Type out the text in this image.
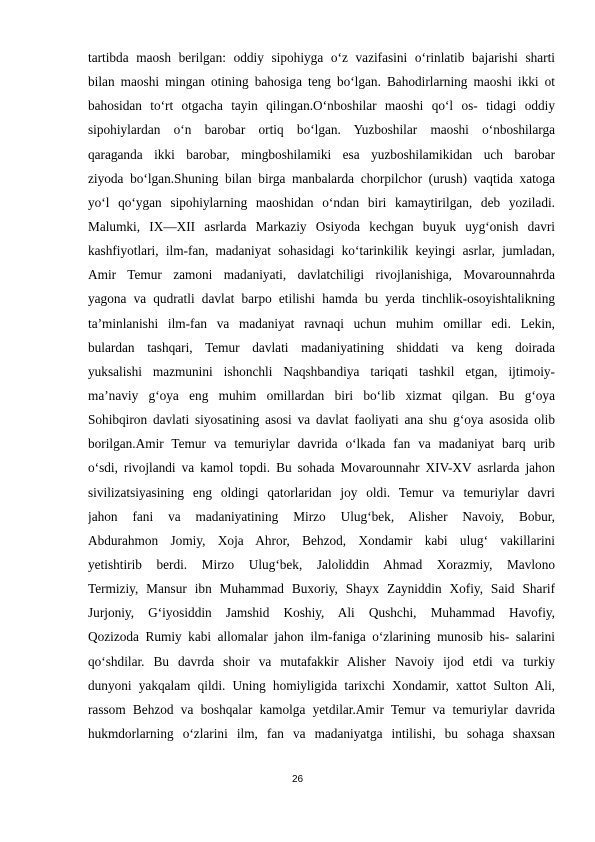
tartibda maosh berilgan: oddiy sipohiyga o‘z vazifasini o‘rinlatib bajarishi sharti
bilan maoshi mingan otining bahosiga teng bo‘lgan. Bahodirlarning maoshi ikki ot
bahosidan to‘rt otgacha tayin qilingan.O‘nboshilar maoshi qo‘l os- tidagi oddiy
sipohiylardan o‘n barobar ortiq bo‘lgan. Yuzboshilar maoshi o‘nboshilarga
qaraganda ikki barobar, mingboshilamiki esa yuzboshilamikidan uch barobar
ziyoda bo‘lgan.Shuning bilan birga manbalarda chorpilchor (urush) vaqtida xatoga
yo‘l qo‘ygan sipohiylarning maoshidan o‘ndan biri kamaytirilgan, deb yoziladi.
Malumki, IX—XII asrlarda Markaziy Osiyoda kechgan buyuk uyg‘onish davri
kashfiyotlari, ilm-fan, madaniyat sohasidagi ko‘tarinkilik keyingi asrlar, jumladan,
Amir Temur zamoni madaniyati, davlatchiligi rivojlanishiga, Movarounnahrda
yagona va qudratli davlat barpo etilishi hamda bu yerda tinchlik-osoyishtalikning
ta’minlanishi ilm-fan va madaniyat ravnaqi uchun muhim omillar edi. Lekin,
bulardan tashqari, Temur davlati madaniyatining shiddati va keng doirada
yuksalishi mazmunini ishonchli Naqshbandiya tariqati tashkil etgan, ijtimoiy-
ma’naviy g‘oya eng muhim omillardan biri bo‘lib xizmat qilgan. Bu g‘oya
Sohibqiron davlati siyosatining asosi va davlat faoliyati ana shu g‘oya asosida olib
borilgan.Amir Temur va temuriylar davrida o‘lkada fan va madaniyat barq urib
o‘sdi, rivojlandi va kamol topdi. Bu sohada Movarounnahr XIV-XV asrlarda jahon
sivilizatsiyasining eng oldingi qatorlaridan joy oldi. Temur va temuriylar davri
jahon fani va madaniyatining Mirzo Ulug‘bek, Alisher Navoiy, Bobur,
Abdurahmon Jomiy, Xoja Ahror, Behzod, Xondamir kabi ulug‘ vakillarini
yetishtirib berdi. Mirzo Ulug‘bek, Jaloliddin Ahmad Xorazmiy, Mavlono
Termiziy, Mansur ibn Muhammad Buxoriy, Shayx Zayniddin Xofiy, Said Sharif
Jurjoniy, G‘iyosiddin Jamshid Koshiy, Ali Qushchi, Muhammad Havofiy,
Qozizoda Rumiy kabi allomalar jahon ilm-faniga o‘zlarining munosib his- salarini
qo‘shdilar. Bu davrda shoir va mutafakkir Alisher Navoiy ijod etdi va turkiy
dunyoni yakqalam qildi. Uning homiyligida tarixchi Xondamir, xattot Sulton Ali,
rassom Behzod va boshqalar kamolga yetdilar.Amir Temur va temuriylar davrida
hukmdorlarning o‘zlarini ilm, fan va madaniyatga intilishi, bu sohaga shaxsan
26
